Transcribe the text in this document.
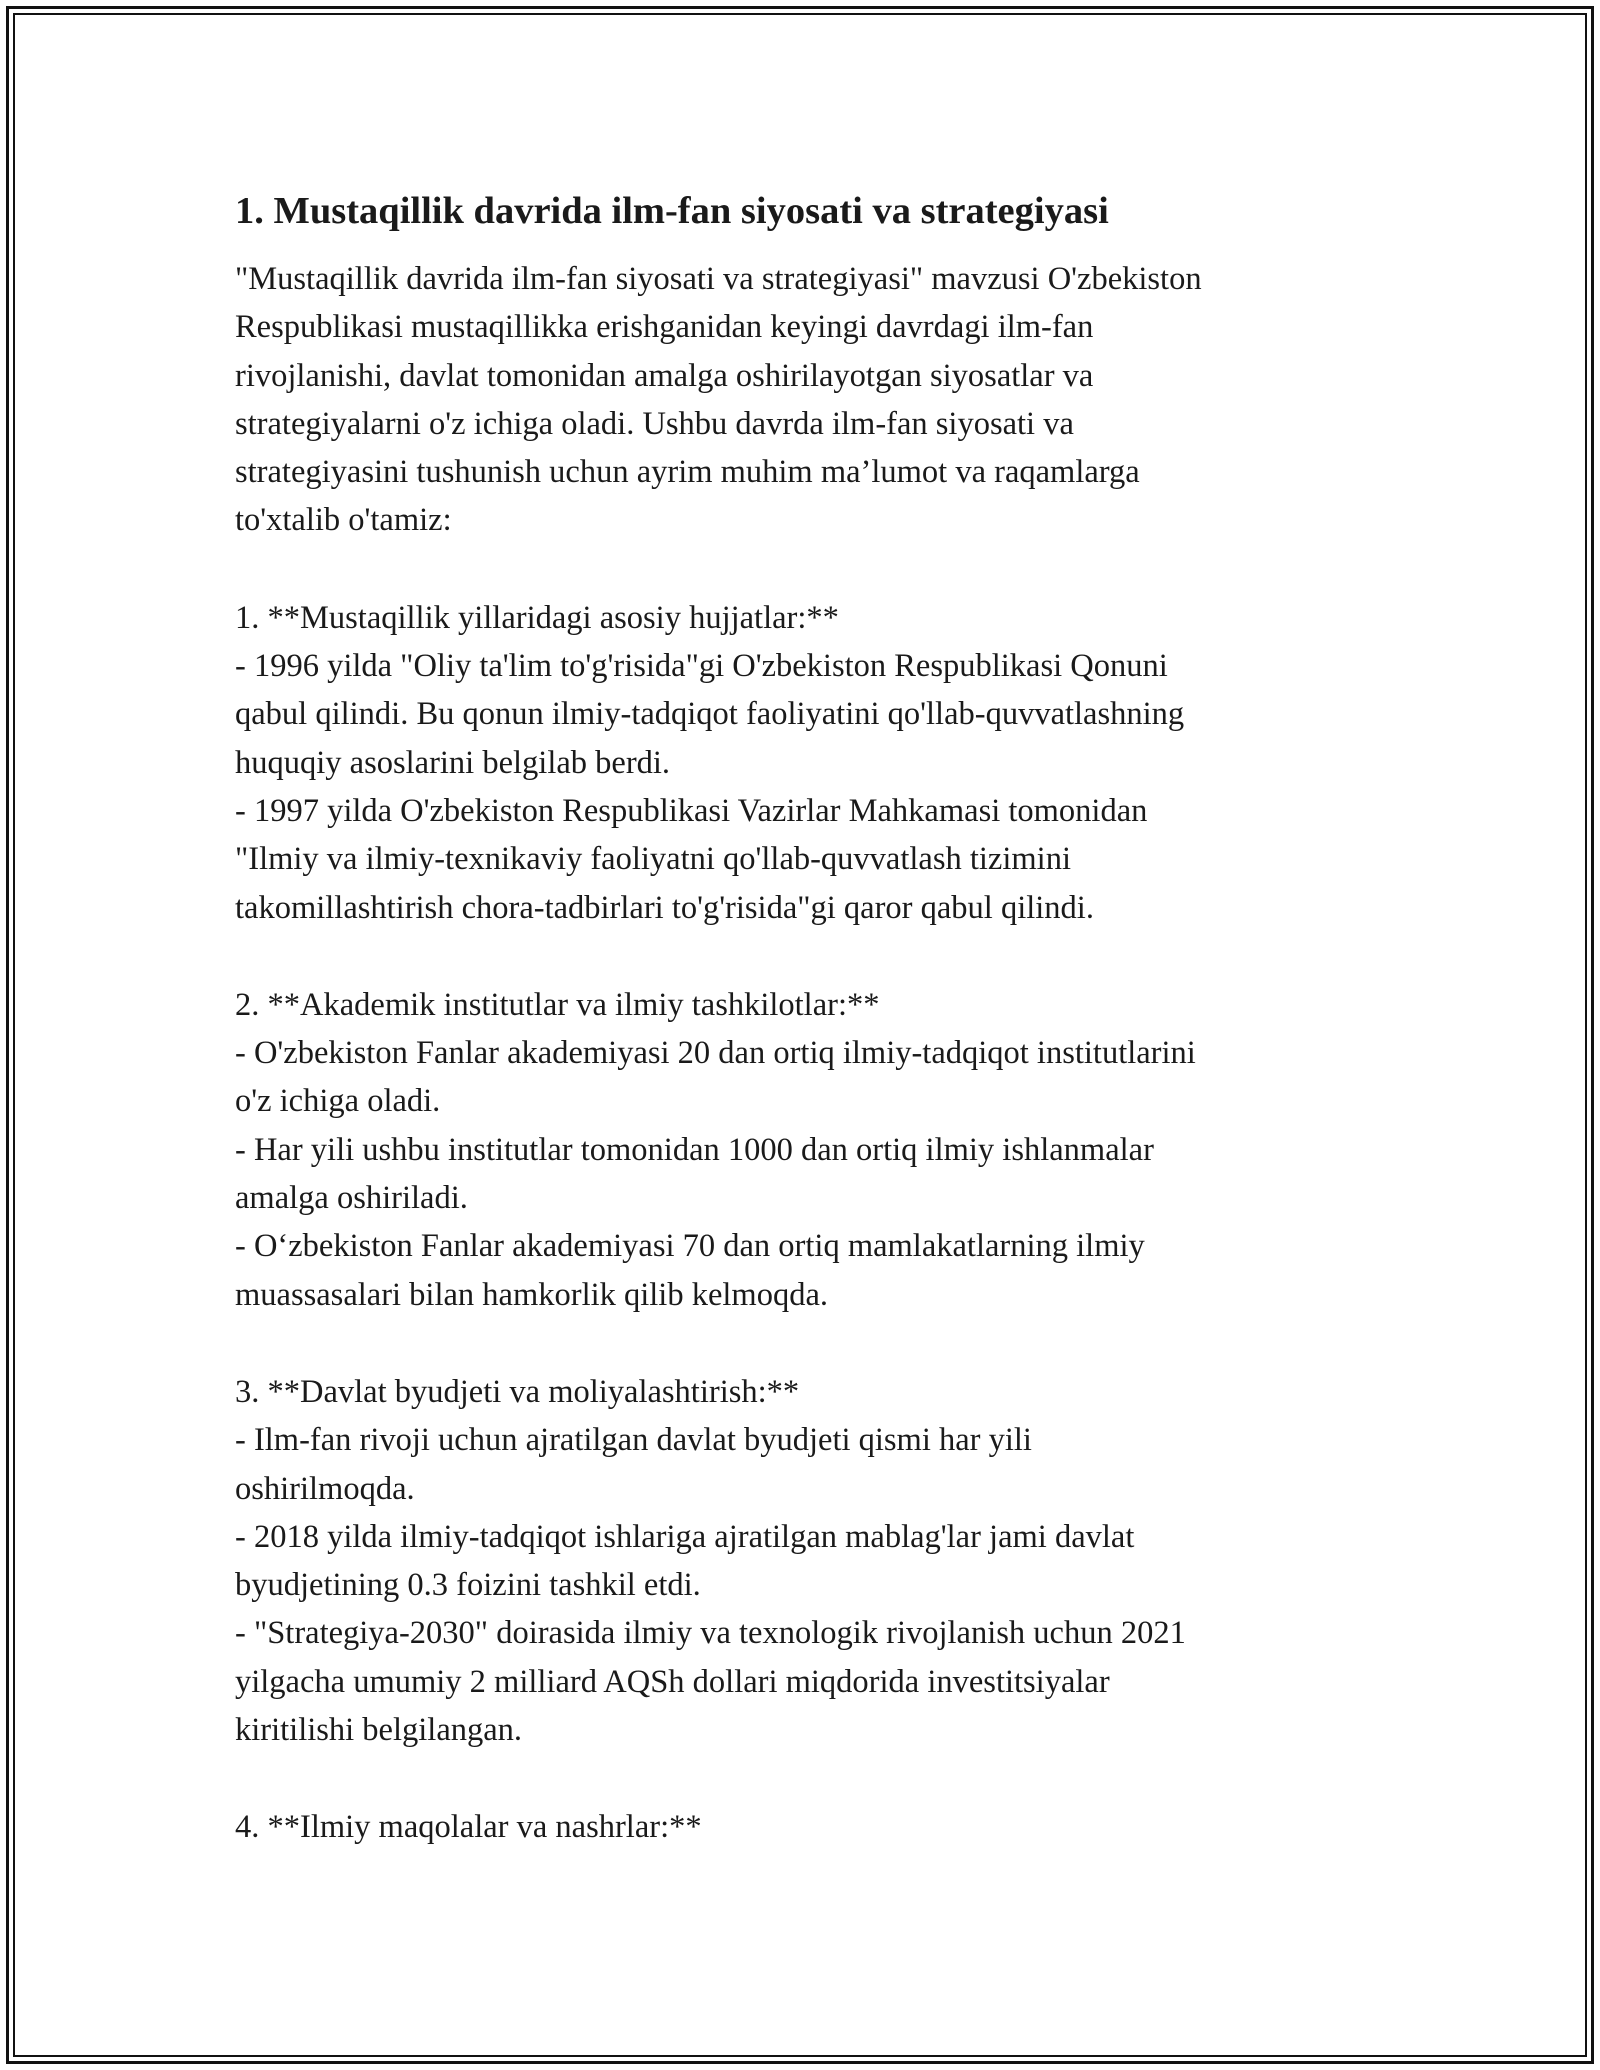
1. Mustaqillik davrida ilm-fan siyosati va strategiyasi
"Mustaqillik davrida ilm-fan siyosati va strategiyasi" mavzusi O'zbekiston
Respublikasi mustaqillikka erishganidan keyingi davrdagi ilm-fan
rivojlanishi, davlat tomonidan amalga oshirilayotgan siyosatlar va
strategiyalarni o'z ichiga oladi. Ushbu davrda ilm-fan siyosati va
strategiyasini tushunish uchun ayrim muhim ma’lumot va raqamlarga
to'xtalib o'tamiz:
1. **Mustaqillik yillaridagi asosiy hujjatlar:**
- 1996 yilda "Oliy ta'lim to'g'risida"gi O'zbekiston Respublikasi Qonuni
qabul qilindi. Bu qonun ilmiy-tadqiqot faoliyatini qo'llab-quvvatlashning
huquqiy asoslarini belgilab berdi.
- 1997 yilda O'zbekiston Respublikasi Vazirlar Mahkamasi tomonidan
"Ilmiy va ilmiy-texnikaviy faoliyatni qo'llab-quvvatlash tizimini
takomillashtirish chora-tadbirlari to'g'risida"gi qaror qabul qilindi.
2. **Akademik institutlar va ilmiy tashkilotlar:**
- O'zbekiston Fanlar akademiyasi 20 dan ortiq ilmiy-tadqiqot institutlarini
o'z ichiga oladi.
- Har yili ushbu institutlar tomonidan 1000 dan ortiq ilmiy ishlanmalar
amalga oshiriladi.
- O‘zbekiston Fanlar akademiyasi 70 dan ortiq mamlakatlarning ilmiy
muassasalari bilan hamkorlik qilib kelmoqda.
3. **Davlat byudjeti va moliyalashtirish:**
- Ilm-fan rivoji uchun ajratilgan davlat byudjeti qismi har yili
oshirilmoqda.
- 2018 yilda ilmiy-tadqiqot ishlariga ajratilgan mablag'lar jami davlat
byudjetining 0.3 foizini tashkil etdi.
- "Strategiya-2030" doirasida ilmiy va texnologik rivojlanish uchun 2021
yilgacha umumiy 2 milliard AQSh dollari miqdorida investitsiyalar
kiritilishi belgilangan.
4. **Ilmiy maqolalar va nashrlar:**
